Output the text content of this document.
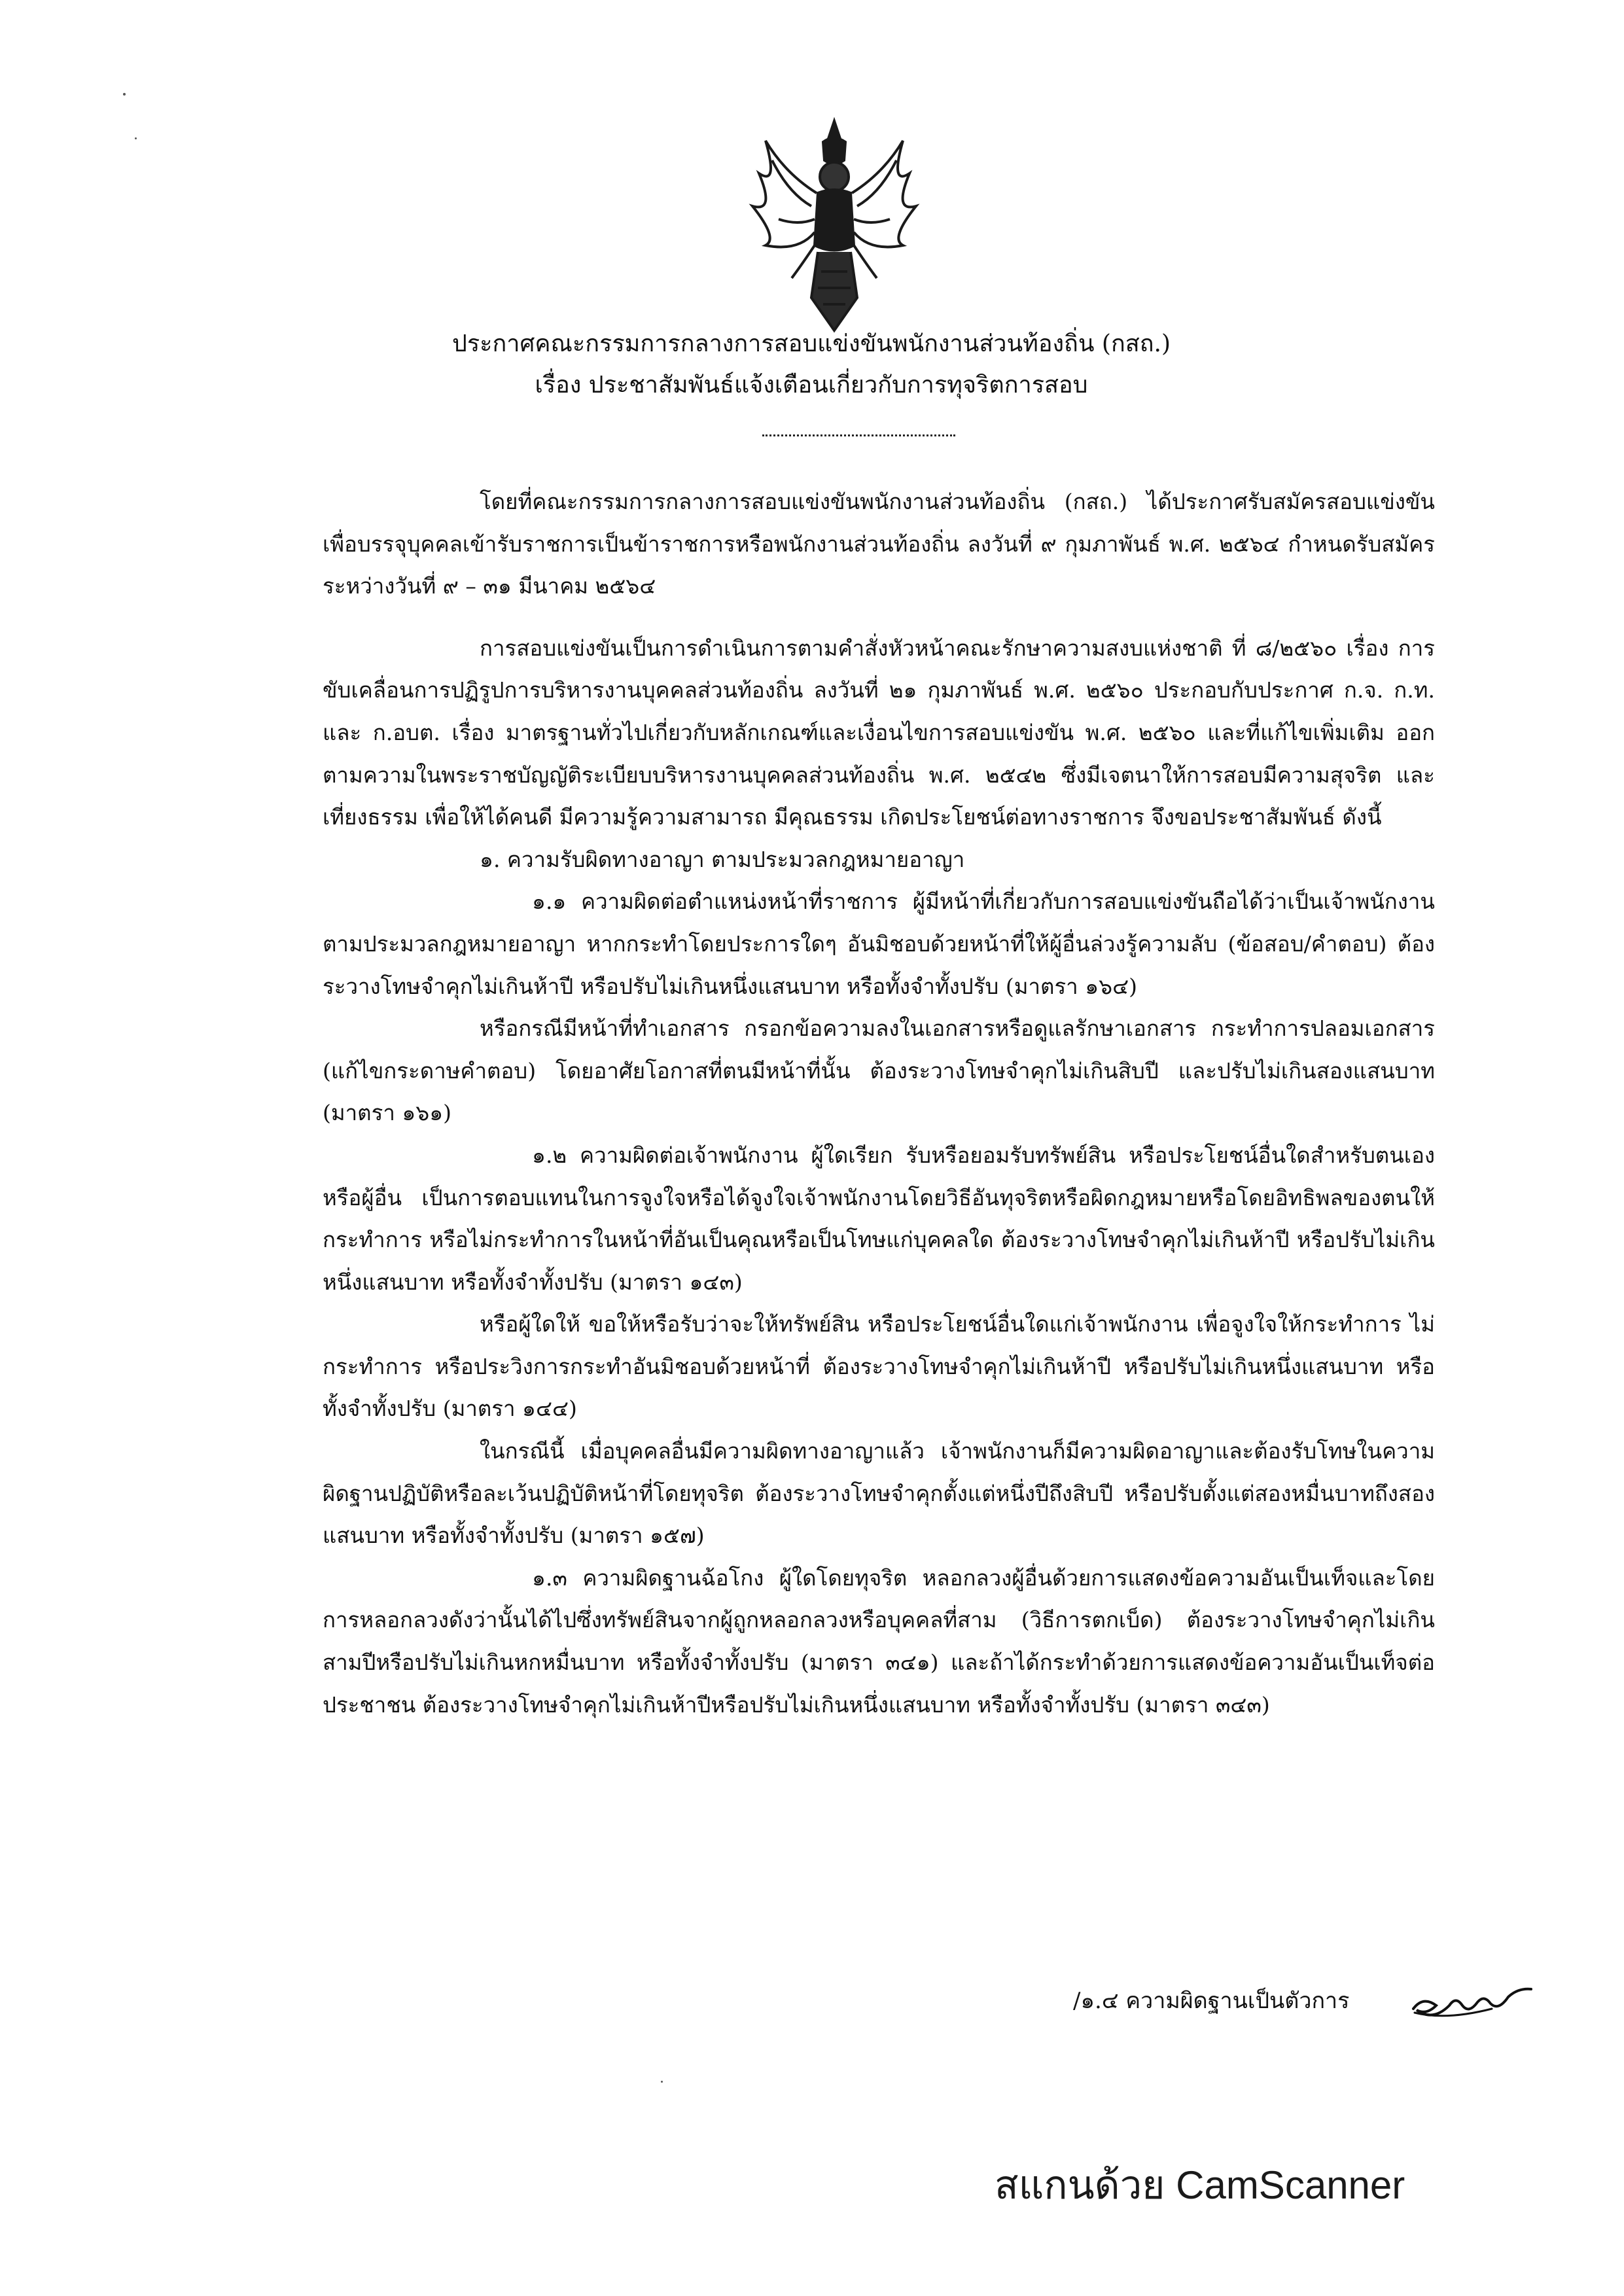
ประกาศคณะกรรมการกลางการสอบแข่งขันพนักงานส่วนท้องถิ่น (กสถ.)
เรื่อง ประชาสัมพันธ์แจ้งเตือนเกี่ยวกับการทุจริตการสอบ

โดยที่คณะกรรมการกลางการสอบแข่งขันพนักงานส่วนท้องถิ่น (กสถ.) ได้ประกาศรับสมัครสอบแข่งขันเพื่อบรรจุบุคคลเข้ารับราชการเป็นข้าราชการหรือพนักงานส่วนท้องถิ่น ลงวันที่ ๙ กุมภาพันธ์ พ.ศ. ๒๕๖๔ กำหนดรับสมัครระหว่างวันที่ ๙ – ๓๑ มีนาคม ๒๕๖๔

การสอบแข่งขันเป็นการดำเนินการตามคำสั่งหัวหน้าคณะรักษาความสงบแห่งชาติ ที่ ๘/๒๕๖๐ เรื่อง การขับเคลื่อนการปฏิรูปการบริหารงานบุคคลส่วนท้องถิ่น ลงวันที่ ๒๑ กุมภาพันธ์ พ.ศ. ๒๕๖๐ ประกอบกับประกาศ ก.จ. ก.ท. และ ก.อบต. เรื่อง มาตรฐานทั่วไปเกี่ยวกับหลักเกณฑ์และเงื่อนไขการสอบแข่งขัน พ.ศ. ๒๕๖๐ และที่แก้ไขเพิ่มเติม ออกตามความในพระราชบัญญัติระเบียบบริหารงานบุคคลส่วนท้องถิ่น พ.ศ. ๒๕๔๒ ซึ่งมีเจตนาให้การสอบมีความสุจริต และเที่ยงธรรม เพื่อให้ได้คนดี มีความรู้ความสามารถ มีคุณธรรม เกิดประโยชน์ต่อทางราชการ จึงขอประชาสัมพันธ์ ดังนี้

๑. ความรับผิดทางอาญา ตามประมวลกฎหมายอาญา

๑.๑ ความผิดต่อตำแหน่งหน้าที่ราชการ ผู้มีหน้าที่เกี่ยวกับการสอบแข่งขันถือได้ว่าเป็นเจ้าพนักงานตามประมวลกฎหมายอาญา หากกระทำโดยประการใดๆ อันมิชอบด้วยหน้าที่ให้ผู้อื่นล่วงรู้ความลับ (ข้อสอบ/คำตอบ) ต้องระวางโทษจำคุกไม่เกินห้าปี หรือปรับไม่เกินหนึ่งแสนบาท หรือทั้งจำทั้งปรับ (มาตรา ๑๖๔)

หรือกรณีมีหน้าที่ทำเอกสาร กรอกข้อความลงในเอกสารหรือดูแลรักษาเอกสาร กระทำการปลอมเอกสาร (แก้ไขกระดาษคำตอบ) โดยอาศัยโอกาสที่ตนมีหน้าที่นั้น ต้องระวางโทษจำคุกไม่เกินสิบปี และปรับไม่เกินสองแสนบาท (มาตรา ๑๖๑)

๑.๒ ความผิดต่อเจ้าพนักงาน ผู้ใดเรียก รับหรือยอมรับทรัพย์สิน หรือประโยชน์อื่นใดสำหรับตนเองหรือผู้อื่น เป็นการตอบแทนในการจูงใจหรือได้จูงใจเจ้าพนักงานโดยวิธีอันทุจริตหรือผิดกฎหมายหรือโดยอิทธิพลของตนให้กระทำการ หรือไม่กระทำการในหน้าที่อันเป็นคุณหรือเป็นโทษแก่บุคคลใด ต้องระวางโทษจำคุกไม่เกินห้าปี หรือปรับไม่เกินหนึ่งแสนบาท หรือทั้งจำทั้งปรับ (มาตรา ๑๔๓)

หรือผู้ใดให้ ขอให้หรือรับว่าจะให้ทรัพย์สิน หรือประโยชน์อื่นใดแก่เจ้าพนักงาน เพื่อจูงใจให้กระทำการ ไม่กระทำการ หรือประวิงการกระทำอันมิชอบด้วยหน้าที่ ต้องระวางโทษจำคุกไม่เกินห้าปี หรือปรับไม่เกินหนึ่งแสนบาท หรือทั้งจำทั้งปรับ (มาตรา ๑๔๔)

ในกรณีนี้ เมื่อบุคคลอื่นมีความผิดทางอาญาแล้ว เจ้าพนักงานก็มีความผิดอาญาและต้องรับโทษในความผิดฐานปฏิบัติหรือละเว้นปฏิบัติหน้าที่โดยทุจริต ต้องระวางโทษจำคุกตั้งแต่หนึ่งปีถึงสิบปี หรือปรับตั้งแต่สองหมื่นบาทถึงสองแสนบาท หรือทั้งจำทั้งปรับ (มาตรา ๑๕๗)

๑.๓ ความผิดฐานฉ้อโกง ผู้ใดโดยทุจริต หลอกลวงผู้อื่นด้วยการแสดงข้อความอันเป็นเท็จและโดยการหลอกลวงดังว่านั้นได้ไปซึ่งทรัพย์สินจากผู้ถูกหลอกลวงหรือบุคคลที่สาม (วิธีการตกเบ็ด) ต้องระวางโทษจำคุกไม่เกินสามปีหรือปรับไม่เกินหกหมื่นบาท หรือทั้งจำทั้งปรับ (มาตรา ๓๔๑) และถ้าได้กระทำด้วยการแสดงข้อความอันเป็นเท็จต่อประชาชน ต้องระวางโทษจำคุกไม่เกินห้าปีหรือปรับไม่เกินหนึ่งแสนบาท หรือทั้งจำทั้งปรับ (มาตรา ๓๔๓)

/๑.๔ ความผิดฐานเป็นตัวการ
สแกนด้วย CamScanner
